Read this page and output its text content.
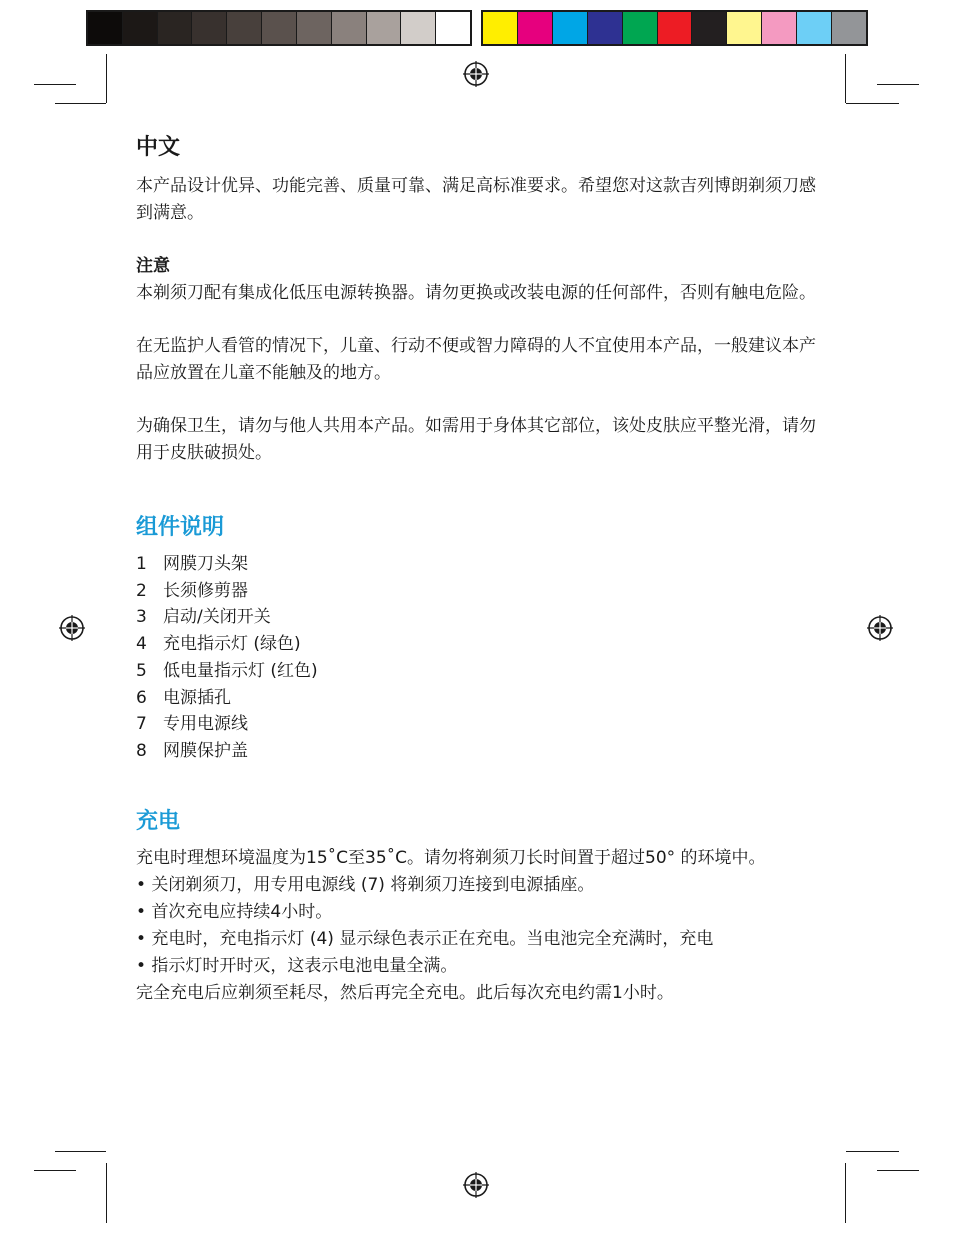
中文

本产品设计优异、功能完善、质量可靠、满足高标准要求。希望您对这款吉列博朗剃须刀感到满意。

注意

本剃须刀配有集成化低压电源转换器。请勿更换或改装电源的任何部件，否则有触电危险。

在无监护人看管的情况下，儿童、行动不便或智力障碍的人不宜使用本产品，一般建议本产品应放置在儿童不能触及的地方。

为确保卫生，请勿与他人共用本产品。如需用于身体其它部位，该处皮肤应平整光滑，请勿用于皮肤破损处。

组件说明
1 网膜刀头架
2 长须修剪器
3 启动/关闭开关
4 充电指示灯 (绿色)
5 低电量指示灯 (红色)
6 电源插孔
7 专用电源线
8 网膜保护盖
充电

充电时理想环境温度为15˚C至35˚C。请勿将剃须刀长时间置于超过50° 的环境中。

• 关闭剃须刀，用专用电源线 (7) 将剃须刀连接到电源插座。

• 首次充电应持续4小时。

• 充电时，充电指示灯 (4) 显示绿色表示正在充电。当电池完全充满时，充电

• 指示灯时开时灭，这表示电池电量全满。

完全充电后应剃须至耗尽，然后再完全充电。此后每次充电约需1小时。
